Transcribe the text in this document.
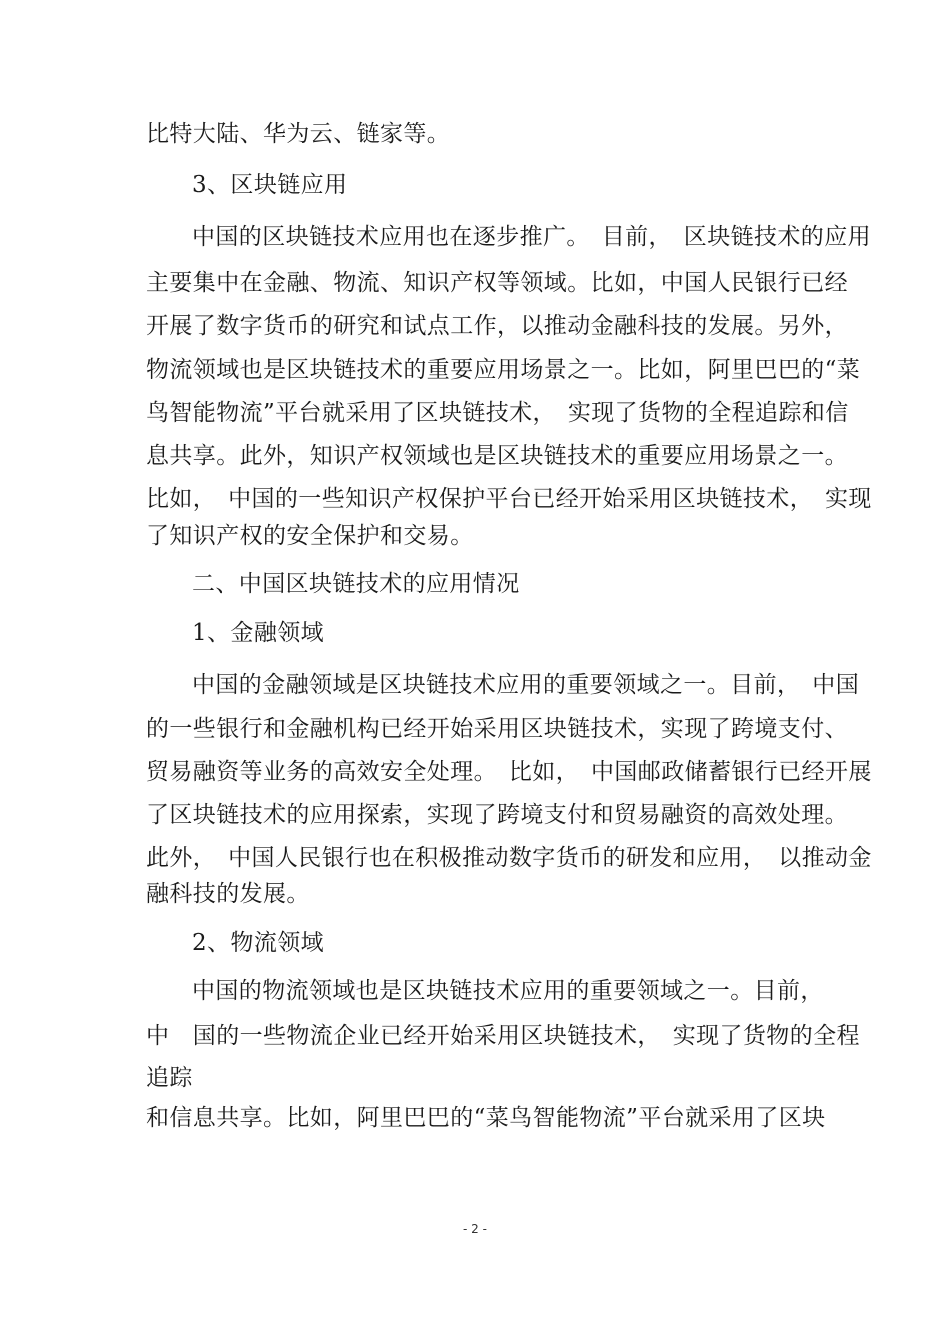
比特大陆、华为云、链家等。
3、区块链应用
中国的区块链技术应用也在逐步推广。　目前，　区块链技术的应用
主要集中在金融、物流、知识产权等领域。比如，中国人民银行已经
开展了数字货币的研究和试点工作，以推动金融科技的发展。另外，
物流领域也是区块链技术的重要应用场景之一。比如，阿里巴巴的“菜
鸟智能物流”平台就采用了区块链技术，　实现了货物的全程追踪和信
息共享。此外，知识产权领域也是区块链技术的重要应用场景之一。
比如，　中国的一些知识产权保护平台已经开始采用区块链技术，　实现
了知识产权的安全保护和交易。
二、中国区块链技术的应用情况
1、金融领域
中国的金融领域是区块链技术应用的重要领域之一。目前，　中国
的一些银行和金融机构已经开始采用区块链技术，实现了跨境支付、
贸易融资等业务的高效安全处理。　比如，　中国邮政储蓄银行已经开展
了区块链技术的应用探索，实现了跨境支付和贸易融资的高效处理。
此外，　中国人民银行也在积极推动数字货币的研发和应用，　以推动金
融科技的发展。
2、物流领域
中国的物流领域也是区块链技术应用的重要领域之一。目前，
中　国的一些物流企业已经开始采用区块链技术，　实现了货物的全程
追踪
和信息共享。比如，阿里巴巴的“菜鸟智能物流”平台就采用了区块
- 2 -
